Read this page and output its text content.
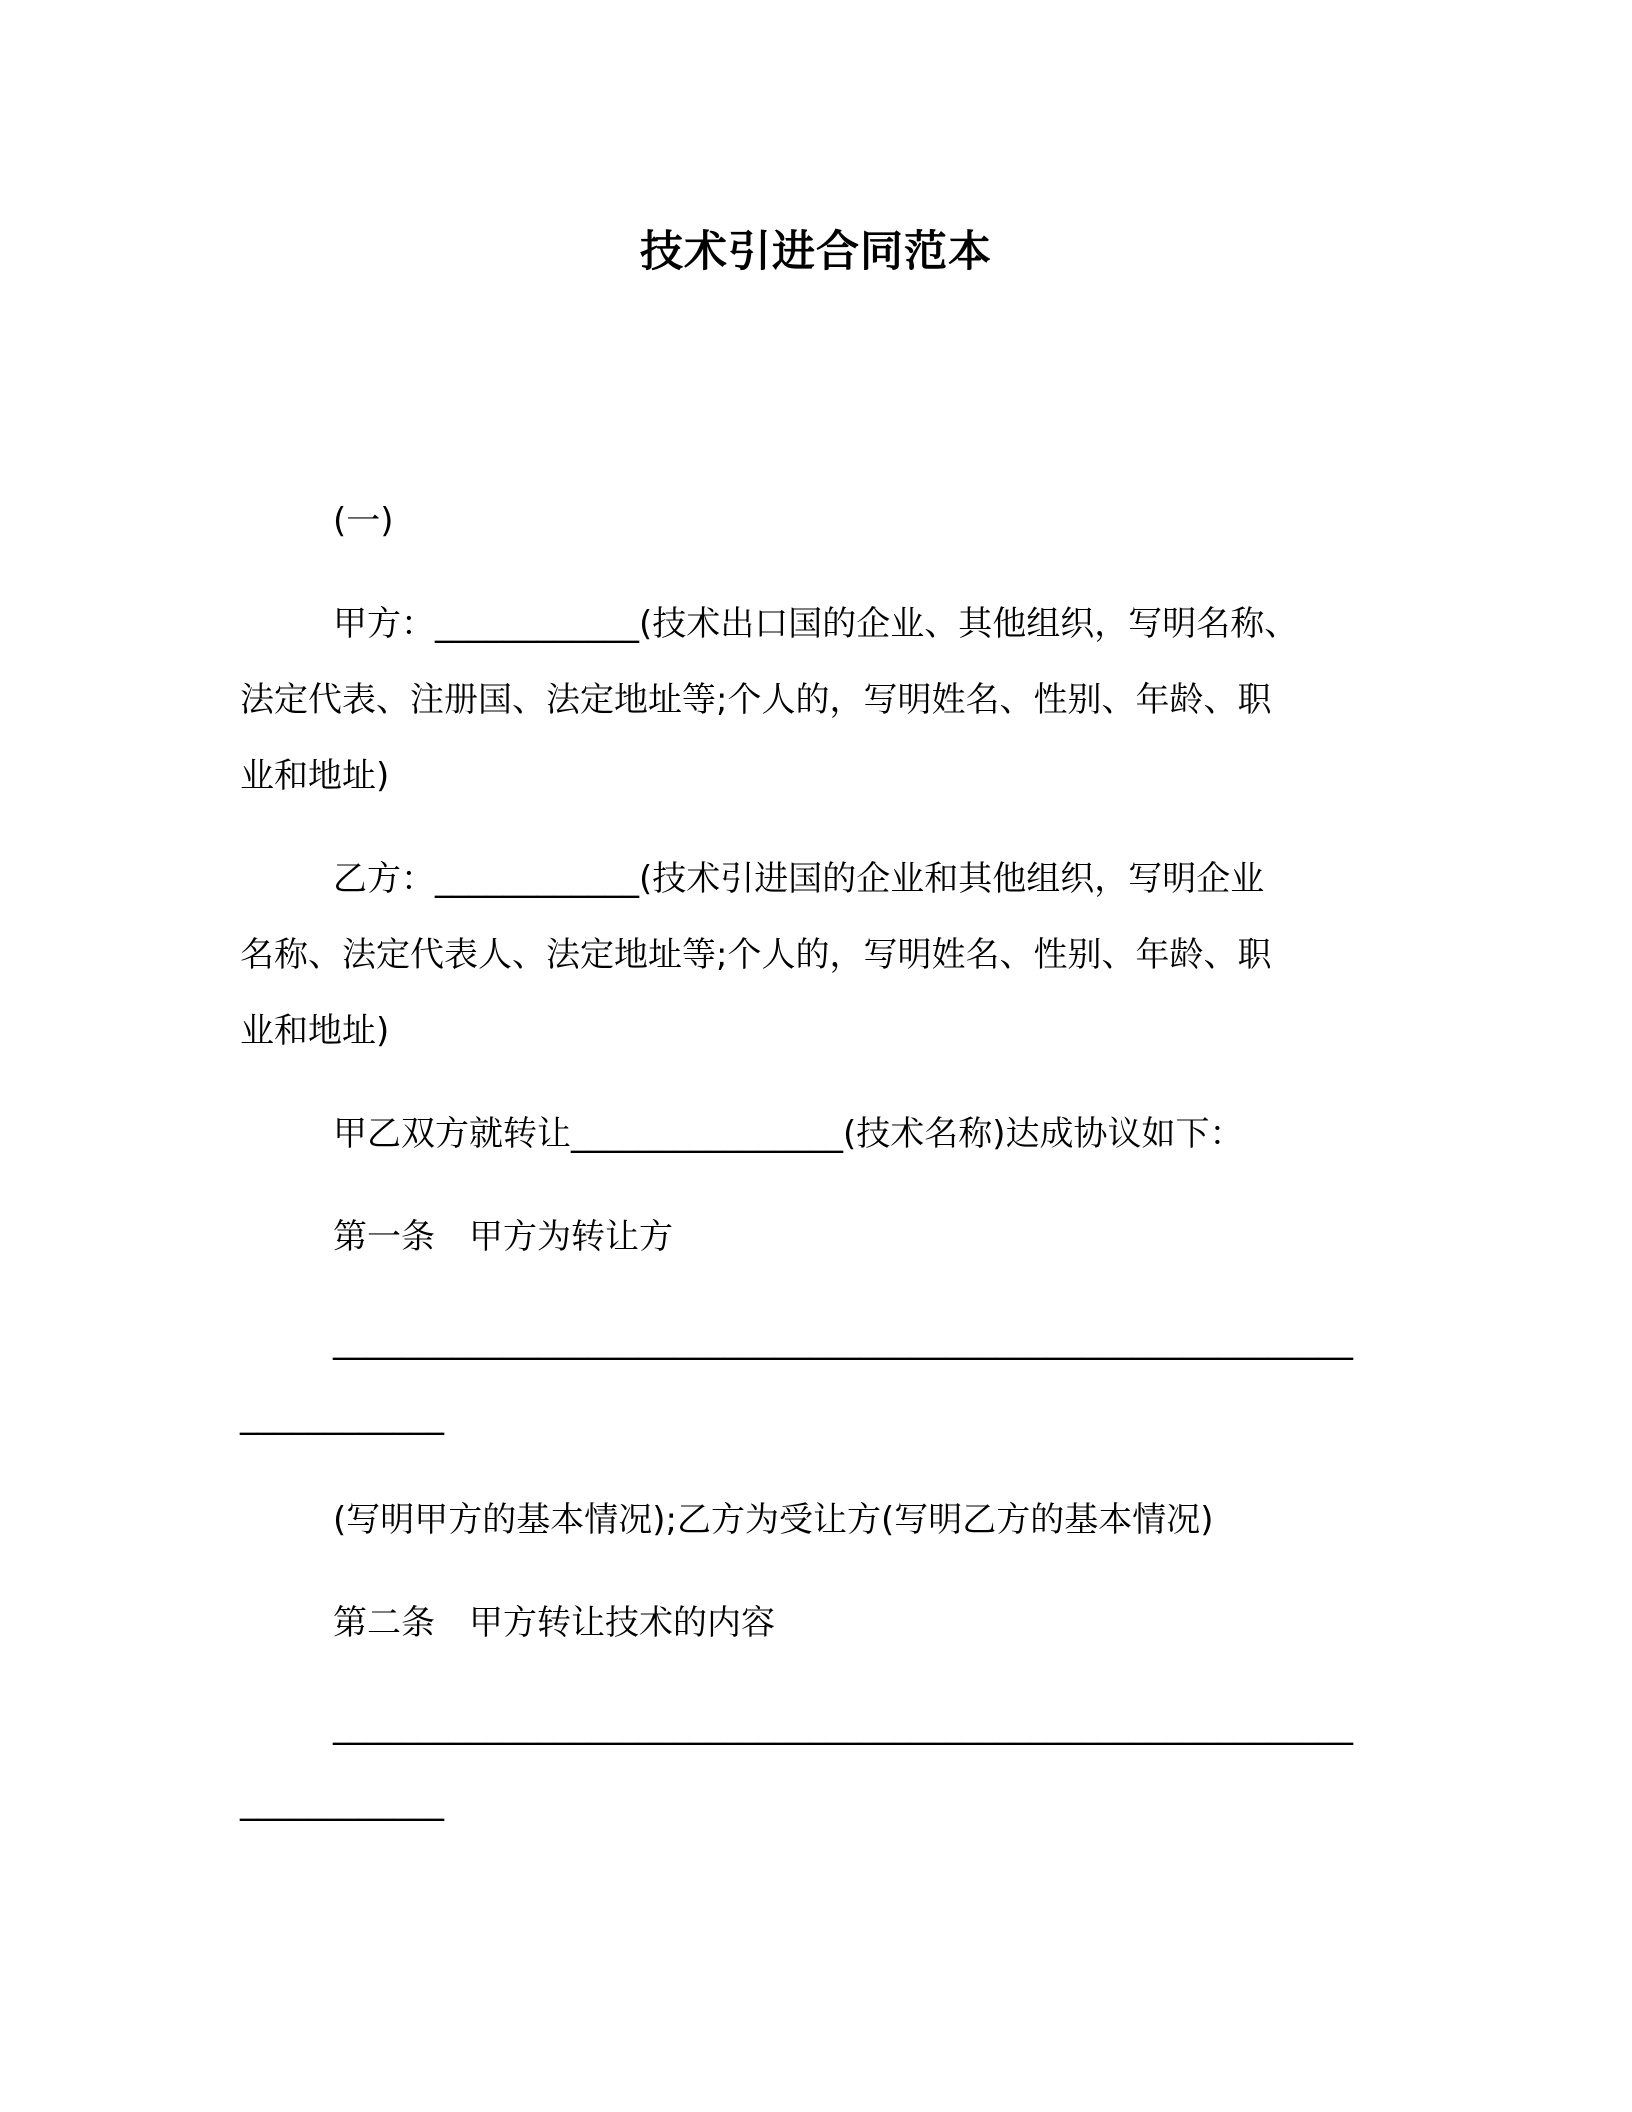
技术引进合同范本
(一)
甲方：____________(技术出口国的企业、其他组织，写明名称、
法定代表、注册国、法定地址等;个人的，写明姓名、性别、年龄、职
业和地址)
乙方：____________(技术引进国的企业和其他组织，写明企业
名称、法定代表人、法定地址等;个人的，写明姓名、性别、年龄、职
业和地址)
甲乙双方就转让________________(技术名称)达成协议如下：
第一条　甲方为转让方
____________________________________________________________
____________
(写明甲方的基本情况);乙方为受让方(写明乙方的基本情况)
第二条　甲方转让技术的内容
____________________________________________________________
____________
